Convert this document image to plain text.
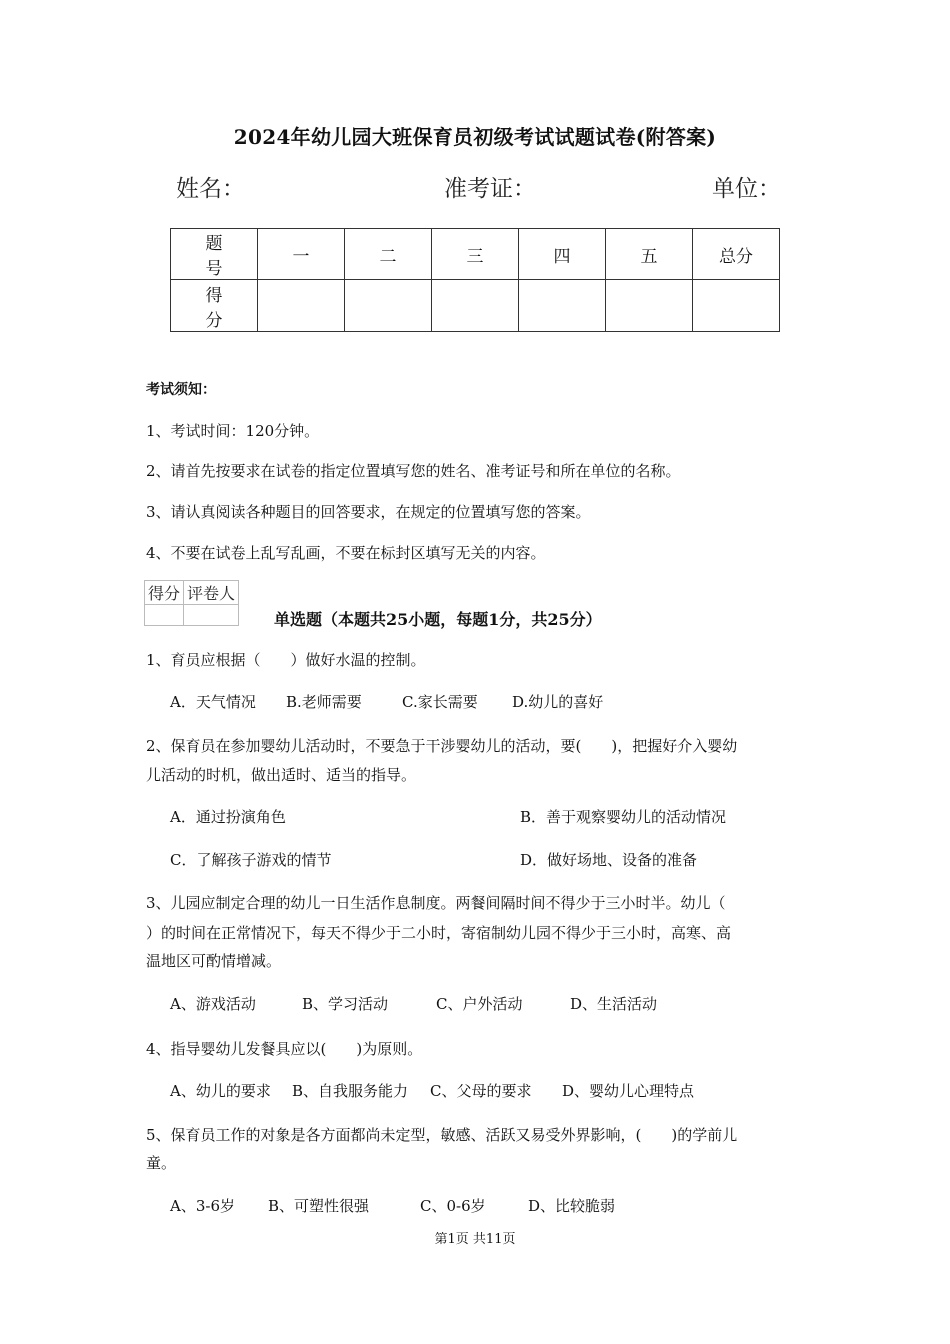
2024年幼儿园大班保育员初级考试试题试卷(附答案)
姓名：	准考证：	单位：
题　号	一	二	三	四	五	总分
得　分						
考试须知：
1、考试时间：120分钟。
2、请首先按要求在试卷的指定位置填写您的姓名、准考证号和所在单位的名称。
3、请认真阅读各种题目的回答要求，在规定的位置填写您的答案。
4、不要在试卷上乱写乱画，不要在标封区填写无关的内容。
得分	评卷人

单选题（本题共25小题，每题1分，共25分）
1、育员应根据（　　）做好水温的控制。
A．天气情况 B.老师需要	C.家长需要 D.幼儿的喜好
2、保育员在参加婴幼儿活动时，不要急于干涉婴幼儿的活动，要(　　)，把握好介入婴幼
儿活动的时机，做出适时、适当的指导。
A．通过扮演角色	B．善于观察婴幼儿的活动情况
C．了解孩子游戏的情节	D．做好场地、设备的准备
3、儿园应制定合理的幼儿一日生活作息制度。两餐间隔时间不得少于三小时半。幼儿（
）的时间在正常情况下，每天不得少于二小时，寄宿制幼儿园不得少于三小时，高寒、高
温地区可酌情增减。
A、游戏活动	B、学习活动	C、户外活动	D、生活活动
4、指导婴幼儿发餐具应以(　　)为原则。
A、幼儿的要求 B、自我服务能力 C、父母的要求 D、婴幼儿心理特点
5、保育员工作的对象是各方面都尚未定型，敏感、活跃又易受外界影响，(　　)的学前儿
童。
A、3-6岁 B、可塑性很强	C、0-6岁	D、比较脆弱
第1页 共11页
